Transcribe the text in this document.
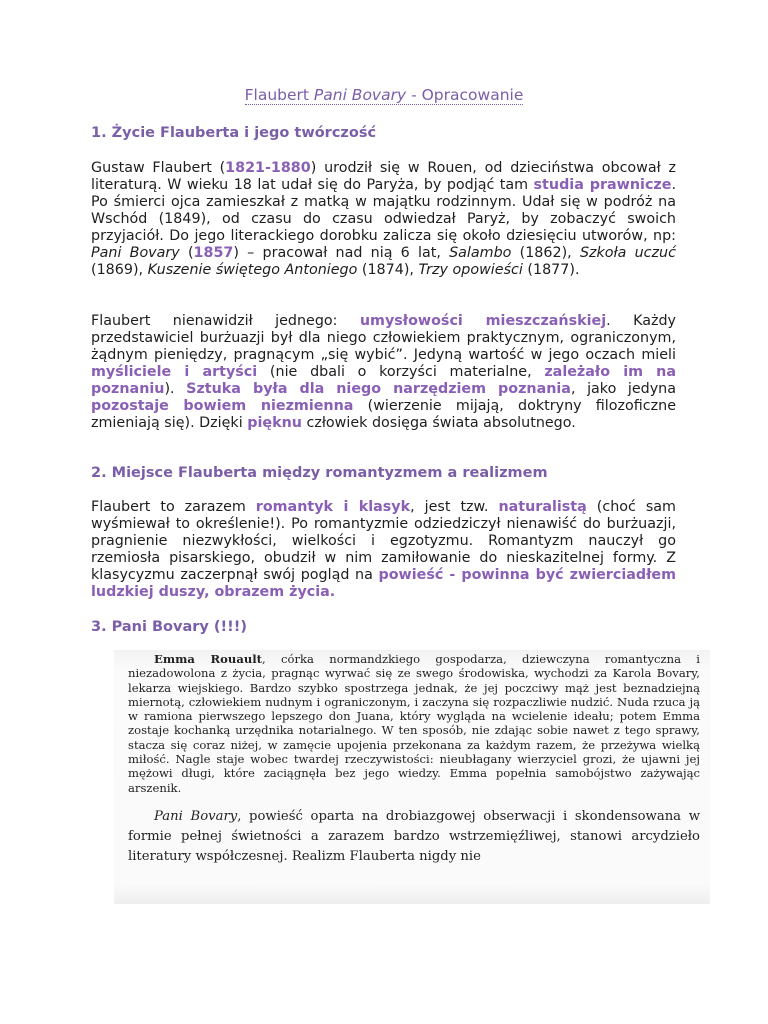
Flaubert Pani Bovary - Opracowanie
1. Życie Flauberta i jego twórczość
Gustaw Flaubert (1821-1880) urodził się w Rouen, od dzieciństwa obcował z literaturą. W wieku 18 lat udał się do Paryża, by podjąć tam studia prawnicze. Po śmierci ojca zamieszkał z matką w majątku rodzinnym. Udał się w podróż na Wschód (1849), od czasu do czasu odwiedzał Paryż, by zobaczyć swoich przyjaciół. Do jego literackiego dorobku zalicza się około dziesięciu utworów, np: Pani Bovary (1857) – pracował nad nią 6 lat, Salambo (1862), Szkoła uczuć (1869), Kuszenie świętego Antoniego (1874), Trzy opowieści (1877).
Flaubert nienawidził jednego: umysłowości mieszczańskiej. Każdy przedstawiciel burżuazji był dla niego człowiekiem praktycznym, ograniczonym, żądnym pieniędzy, pragnącym „się wybić”. Jedyną wartość w jego oczach mieli myśliciele i artyści (nie dbali o korzyści materialne, zależało im na poznaniu). Sztuka była dla niego narzędziem poznania, jako jedyna pozostaje bowiem niezmienna (wierzenie mijają, doktryny filozoficzne zmieniają się). Dzięki pięknu człowiek dosięga świata absolutnego.
2. Miejsce Flauberta między romantyzmem a realizmem
Flaubert to zarazem romantyk i klasyk, jest tzw. naturalistą (choć sam wyśmiewał to określenie!). Po romantyzmie odziedziczył nienawiść do burżuazji, pragnienie niezwykłości, wielkości i egzotyzmu. Romantyzm nauczył go rzemiosła pisarskiego, obudził w nim zamiłowanie do nieskazitelnej formy. Z klasycyzmu zaczerpnął swój pogląd na powieść - powinna być zwierciadłem ludzkiej duszy, obrazem życia.
3. Pani Bovary (!!!)
Emma Rouault, córka normandzkiego gospodarza, dziewczyna romantyczna i niezadowolona z życia, pragnąc wyrwać się ze swego środowiska, wychodzi za Karola Bovary, lekarza wiejskiego. Bardzo szybko spostrzega jednak, że jej poczciwy mąż jest beznadziejną miernotą, człowiekiem nudnym i ograniczonym, i zaczyna się rozpaczliwie nudzić. Nuda rzuca ją w ramiona pierwszego lepszego don Juana, który wygląda na wcielenie ideału; potem Emma zostaje kochanką urzędnika notarialnego. W ten sposób, nie zdając sobie nawet z tego sprawy, stacza się coraz niżej, w zamęcie upojenia przekonana za każdym razem, że przeżywa wielką miłość. Nagle staje wobec twardej rzeczywistości: nieubłagany wierzyciel grozi, że ujawni jej mężowi długi, które zaciągnęła bez jego wiedzy. Emma popełnia samobójstwo zażywając arszenik.
Pani Bovary, powieść oparta na drobiazgowej obserwacji i skondensowana w formie pełnej świetności a zarazem bardzo wstrzemięźliwej, stanowi arcydzieło literatury współczesnej. Realizm Flauberta nigdy nie
